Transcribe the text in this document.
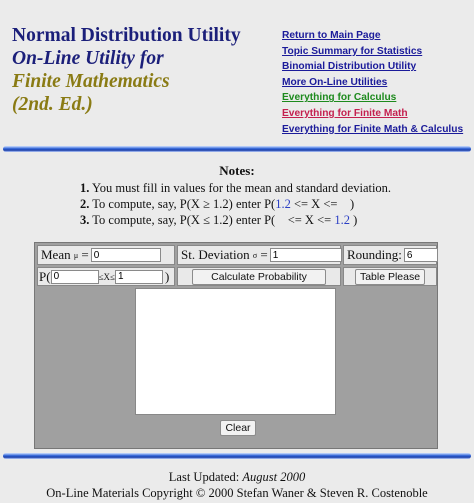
Normal Distribution Utility
On-Line Utility for
Finite Mathematics
(2nd. Ed.)
Return to Main Page
Topic Summary for Statistics
Binomial Distribution Utility
More On-Line Utilities
Everything for Calculus
Everything for Finite Math
Everything for Finite Math & Calculus
Notes:
1. You must fill in values for the mean and standard deviation.
2. To compute, say, P(X ≥ 1.2) enter P(1.2 <= X <= )
3. To compute, say, P(X ≤ 1.2) enter P(    <= X <= 1.2 )
Mean
μ
=
0	St. Deviation
σ
=
1	Rounding:
6
P(
0	≤X≤
1	)	Calculate Probability	Table Please
Clear
Last Updated: August 2000
On-Line Materials Copyright © 2000 Stefan Waner & Steven R. Costenoble
